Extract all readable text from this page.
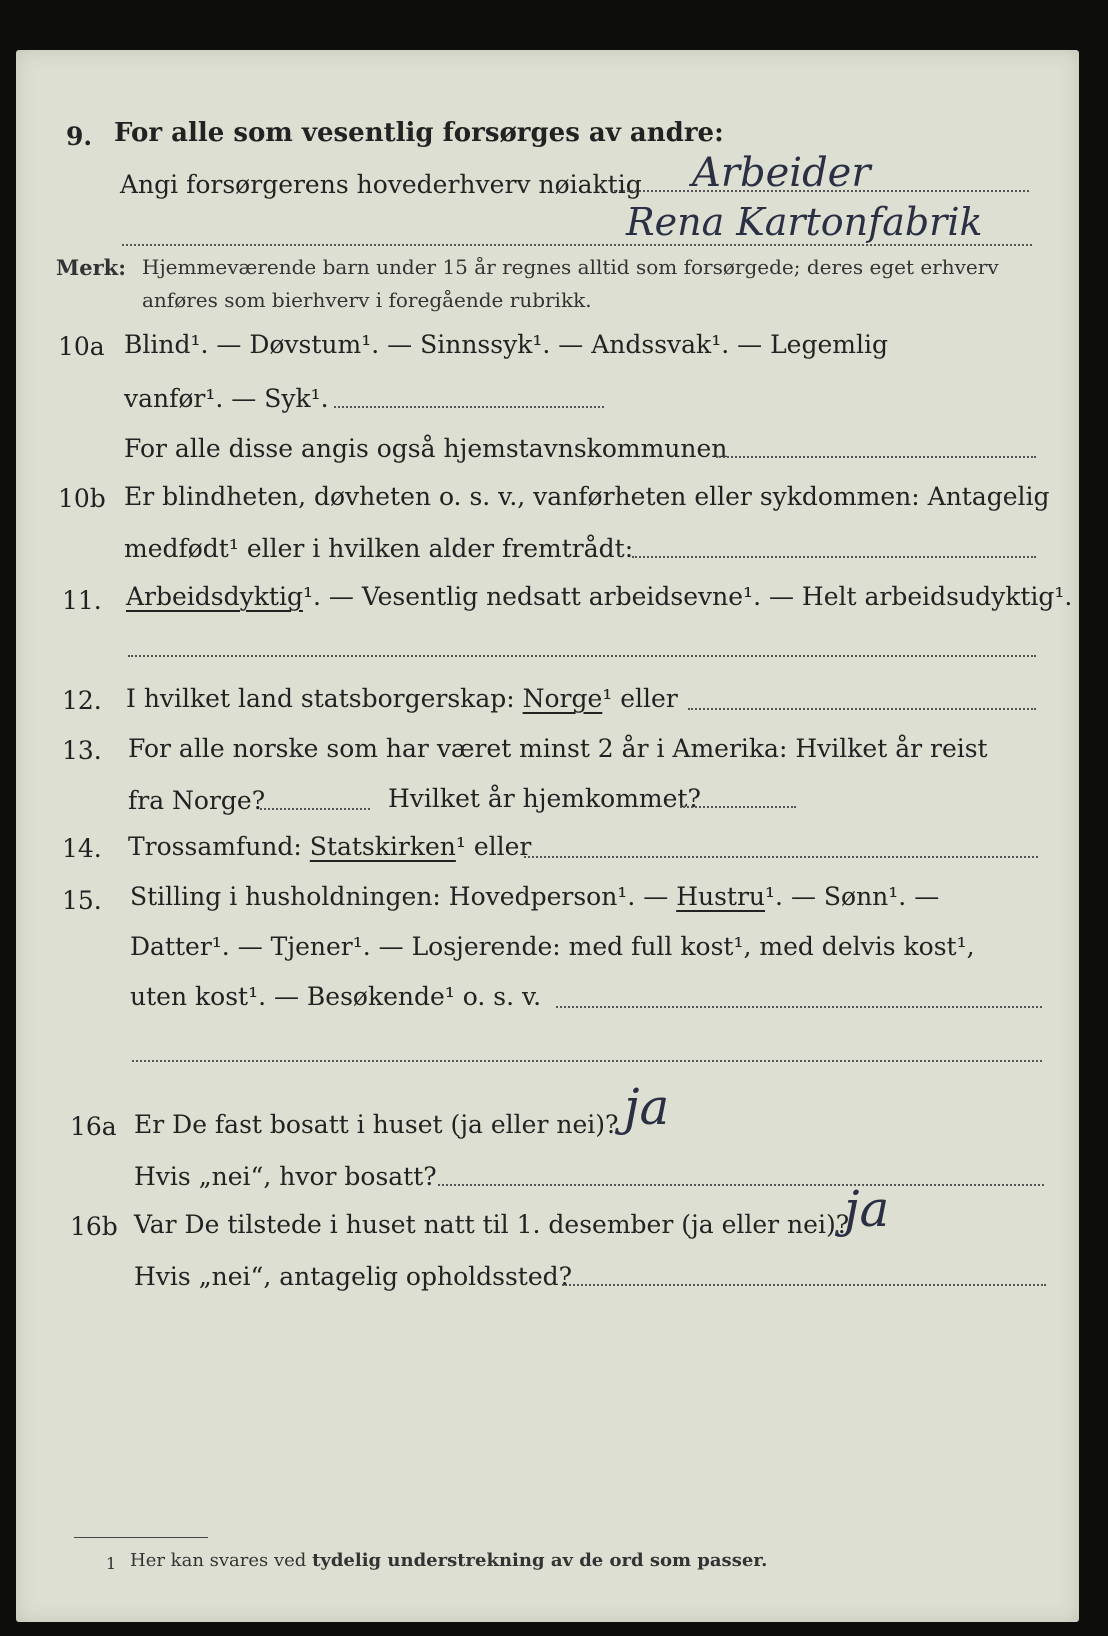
9. For alle som vesentlig forsørges av andre:
Angi forsørgerens hovederhverv nøiaktig Arbeider
Rena Kartonfabrik
Merk: Hjemmeværende barn under 15 år regnes alltid som forsørgede; deres eget erhverv
anføres som bierhverv i foregående rubrikk.
10a Blind¹. — Døvstum¹. — Sinnssyk¹. — Andssvak¹. — Legemlig
vanfør¹. — Syk¹.
For alle disse angis også hjemstavnskommunen
10b Er blindheten, døvheten o. s. v., vanførheten eller sykdommen: Antagelig
medfødt¹ eller i hvilken alder fremtrådt:
11. Arbeidsdyktig¹. — Vesentlig nedsatt arbeidsevne¹. — Helt arbeidsudyktig¹.
12. I hvilket land statsborgerskap: Norge¹ eller
13. For alle norske som har været minst 2 år i Amerika: Hvilket år reist
fra Norge?	Hvilket år hjemkommet?
14. Trossamfund: Statskirken¹ eller
15. Stilling i husholdningen: Hovedperson¹. — Hustru¹. — Sønn¹. —
Datter¹. — Tjener¹. — Losjerende: med full kost¹, med delvis kost¹,
uten kost¹. — Besøkende¹ o. s. v.
16a Er De fast bosatt i huset (ja eller nei)? ja
Hvis „nei“, hvor bosatt?
16b Var De tilstede i huset natt til 1. desember (ja eller nei)?
ja
Hvis „nei“, antagelig opholdssted?
1 Her kan svares ved tydelig understrekning av de ord som passer.
